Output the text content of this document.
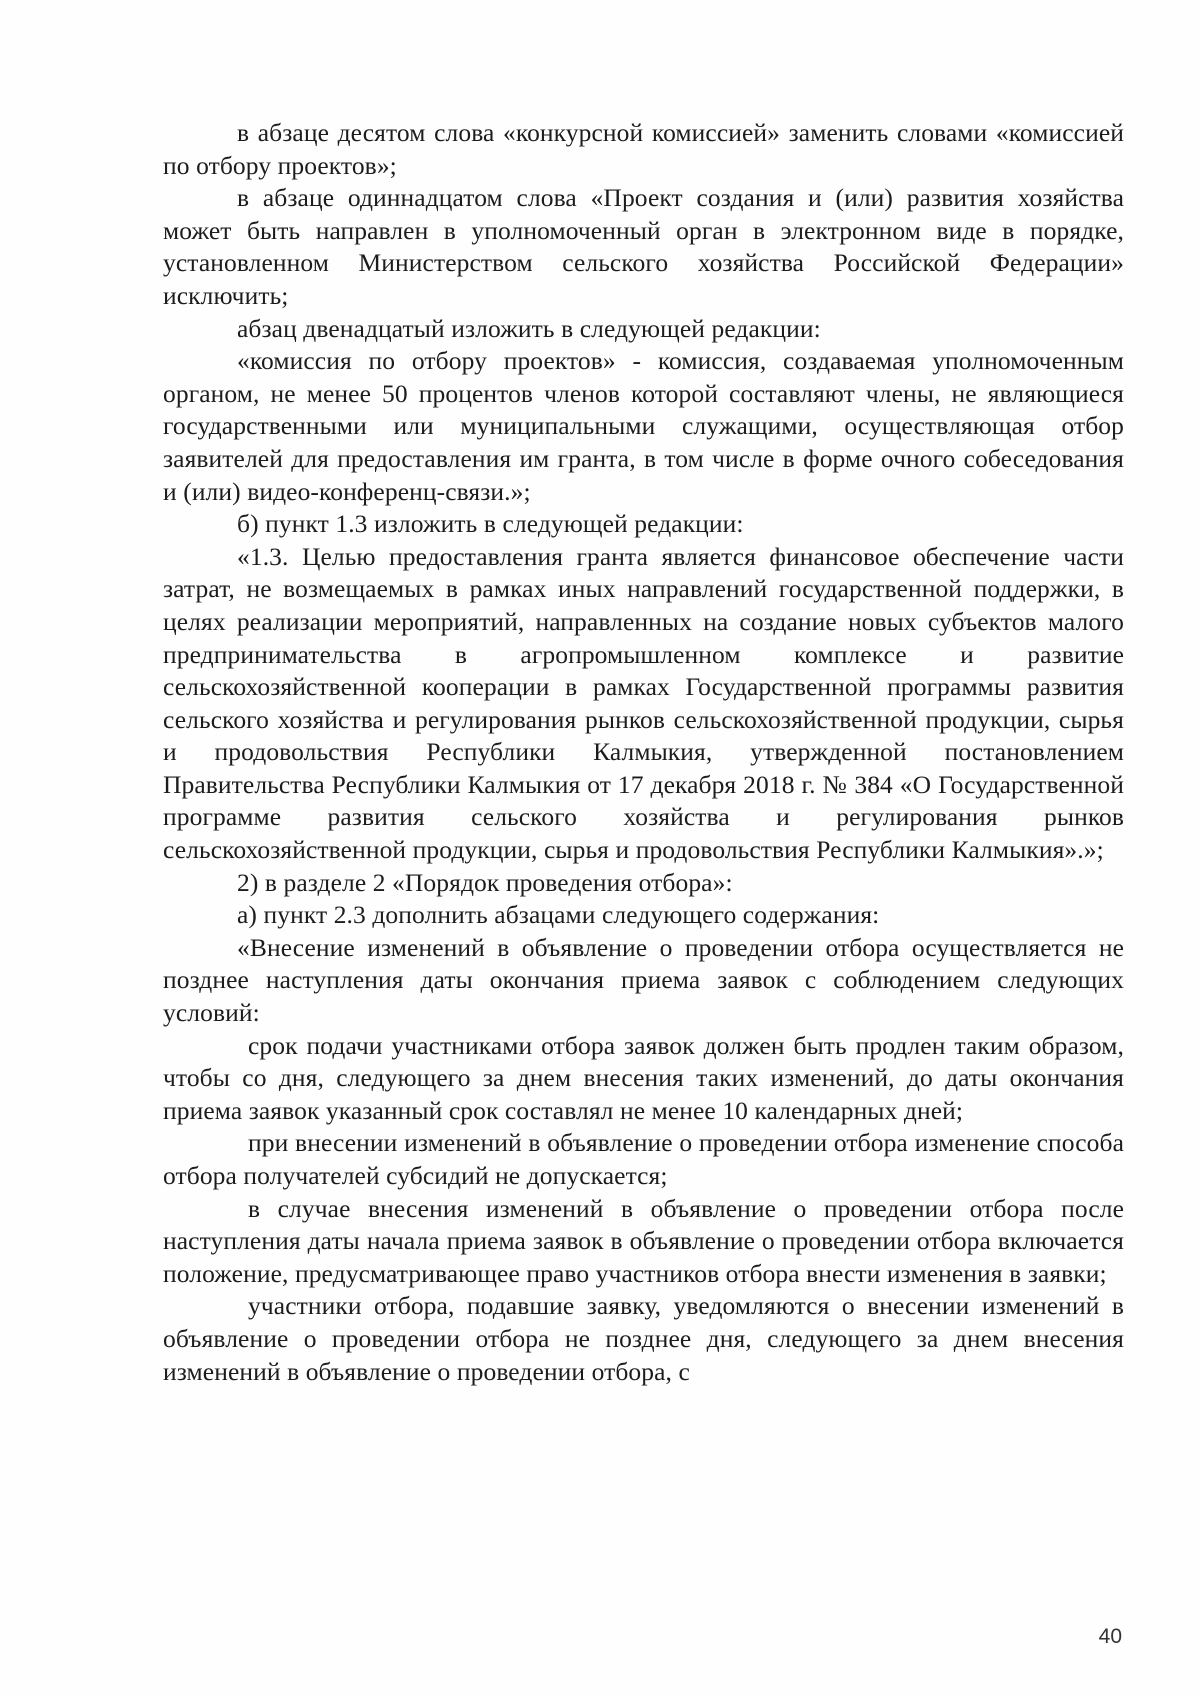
в абзаце десятом слова «конкурсной комиссией» заменить словами «комиссией по отбору проектов»;

в абзаце одиннадцатом слова «Проект создания и (или) развития хозяйства может быть направлен в уполномоченный орган в электронном виде в порядке, установленном Министерством сельского хозяйства Российской Федерации» исключить;

абзац двенадцатый изложить в следующей редакции:

«комиссия по отбору проектов» - комиссия, создаваемая уполномоченным органом, не менее 50 процентов членов которой составляют члены, не являющиеся государственными или муниципальными служащими, осуществляющая отбор заявителей для предоставления им гранта, в том числе в форме очного собеседования и (или) видео-конференц-связи.»;

б) пункт 1.3 изложить в следующей редакции:

«1.3. Целью предоставления гранта является финансовое обеспечение части затрат, не возмещаемых в рамках иных направлений государственной поддержки, в целях реализации мероприятий, направленных на создание новых субъектов малого предпринимательства в агропромышленном комплексе и развитие сельскохозяйственной кооперации в рамках Государственной программы развития сельского хозяйства и регулирования рынков сельскохозяйственной продукции, сырья и продовольствия Республики Калмыкия, утвержденной постановлением Правительства Республики Калмыкия от 17 декабря 2018 г. № 384 «О Государственной программе развития сельского хозяйства и регулирования рынков сельскохозяйственной продукции, сырья и продовольствия Республики Калмыкия».»;

2) в разделе 2 «Порядок проведения отбора»:

а) пункт 2.3 дополнить абзацами следующего содержания:

«Внесение изменений в объявление о проведении отбора осуществляется не позднее наступления даты окончания приема заявок с соблюдением следующих условий:

срок подачи участниками отбора заявок должен быть продлен таким образом, чтобы со дня, следующего за днем внесения таких изменений, до даты окончания приема заявок указанный срок составлял не менее 10 календарных дней;

при внесении изменений в объявление о проведении отбора изменение способа отбора получателей субсидий не допускается;

в случае внесения изменений в объявление о проведении отбора после наступления даты начала приема заявок в объявление о проведении отбора включается положение, предусматривающее право участников отбора внести изменения в заявки;

участники отбора, подавшие заявку, уведомляются о внесении изменений в объявление о проведении отбора не позднее дня, следующего за днем внесения изменений в объявление о проведении отбора, с

40
